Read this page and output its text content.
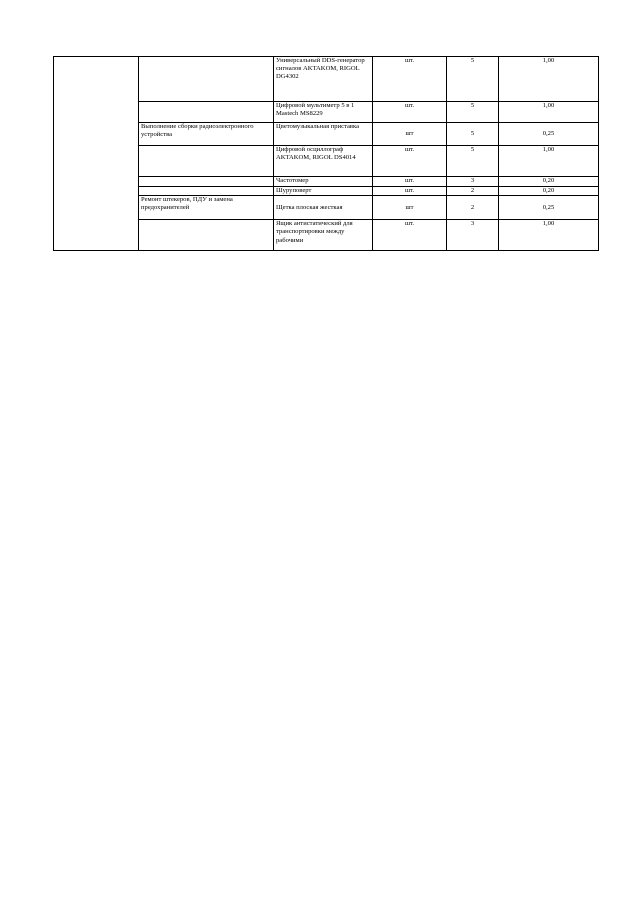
		Универсальный DDS-генератор сигналов AKTAKOM, RIGOL DG4302	шт.	5	1,00
		Цифровой мультиметр 5 в 1 Mastech MS8229	шт.	5	1,00
	Выполнение сборки радиоэлектронного устройства	Цветомузыкальная приставка	шт	5	0,25
		Цифровой осциллограф AKTAKOM, RIGOL DS4014	шт.	5	1,00
		Частотомер	шт.	3	0,20
		Шуруповерт	шт.	2	0,20
	Ремонт штекеров, ПДУ и замена предохранителей	Щетка плоская жесткая	шт	2	0,25
		Ящик антистатический для транспортировки между рабочими	шт.	3	1,00
